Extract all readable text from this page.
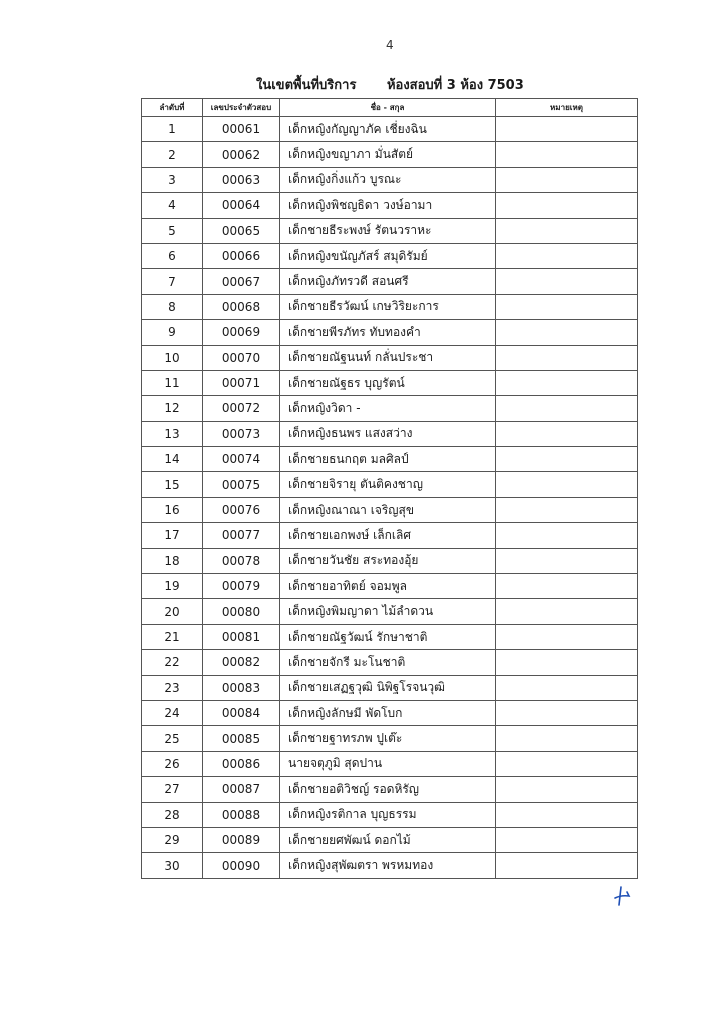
4
ในเขตพื้นที่บริการ ห้องสอบที่ 3 ห้อง 7503
ลำดับที่	เลขประจำตัวสอบ	ชื่อ - สกุล	หมายเหตุ
1	00061	เด็กหญิงกัญญาภัค เชี่ยงฉิน	
2	00062	เด็กหญิงขญาภา มั่นสัตย์	
3	00063	เด็กหญิงกิ่งแก้ว บูรณะ	
4	00064	เด็กหญิงพิชญธิดา วงษ์อามา	
5	00065	เด็กชายธีระพงษ์ รัตนวราหะ	
6	00066	เด็กหญิงขนัญภัสร์ สมุดิรัมย์	
7	00067	เด็กหญิงภัทรวดี สอนศรี	
8	00068	เด็กชายธีรวัฒน์ เกษวิริยะการ	
9	00069	เด็กชายพีรภัทร ทับทองคำ	
10	00070	เด็กชายณัฐนนท์ กลั่นประชา	
11	00071	เด็กชายณัฐธร บุญรัตน์	
12	00072	เด็กหญิงวิดา -	
13	00073	เด็กหญิงธนพร แสงสว่าง	
14	00074	เด็กชายธนกฤต มลศิลป์	
15	00075	เด็กชายจิรายุ ตันติคงชาญ	
16	00076	เด็กหญิงณาณา เจริญสุข	
17	00077	เด็กชายเอกพงษ์ เล็กเลิศ	
18	00078	เด็กชายวันชัย สระทองอุ้ย	
19	00079	เด็กชายอาทิตย์ จอมพูล	
20	00080	เด็กหญิงพิมญาดา ไม้ลำดวน	
21	00081	เด็กชายณัฐวัฒน์ รักษาชาติ	
22	00082	เด็กชายจักรี มะโนชาติ	
23	00083	เด็กชายเสฏฐวุฒิ นิพิฐโรจนวุฒิ	
24	00084	เด็กหญิงลักษมี พัดโบก	
25	00085	เด็กชายฐาทรภพ ปูเต๊ะ	
26	00086	นายจตุภูมิ สุดปาน	
27	00087	เด็กชายอติวิชญ์ รอดหิรัญ	
28	00088	เด็กหญิงรติกาล บุญธรรม	
29	00089	เด็กชายยศพัฒน์ ดอกไม้	
30	00090	เด็กหญิงสุพัฒตรา พรหมทอง	
